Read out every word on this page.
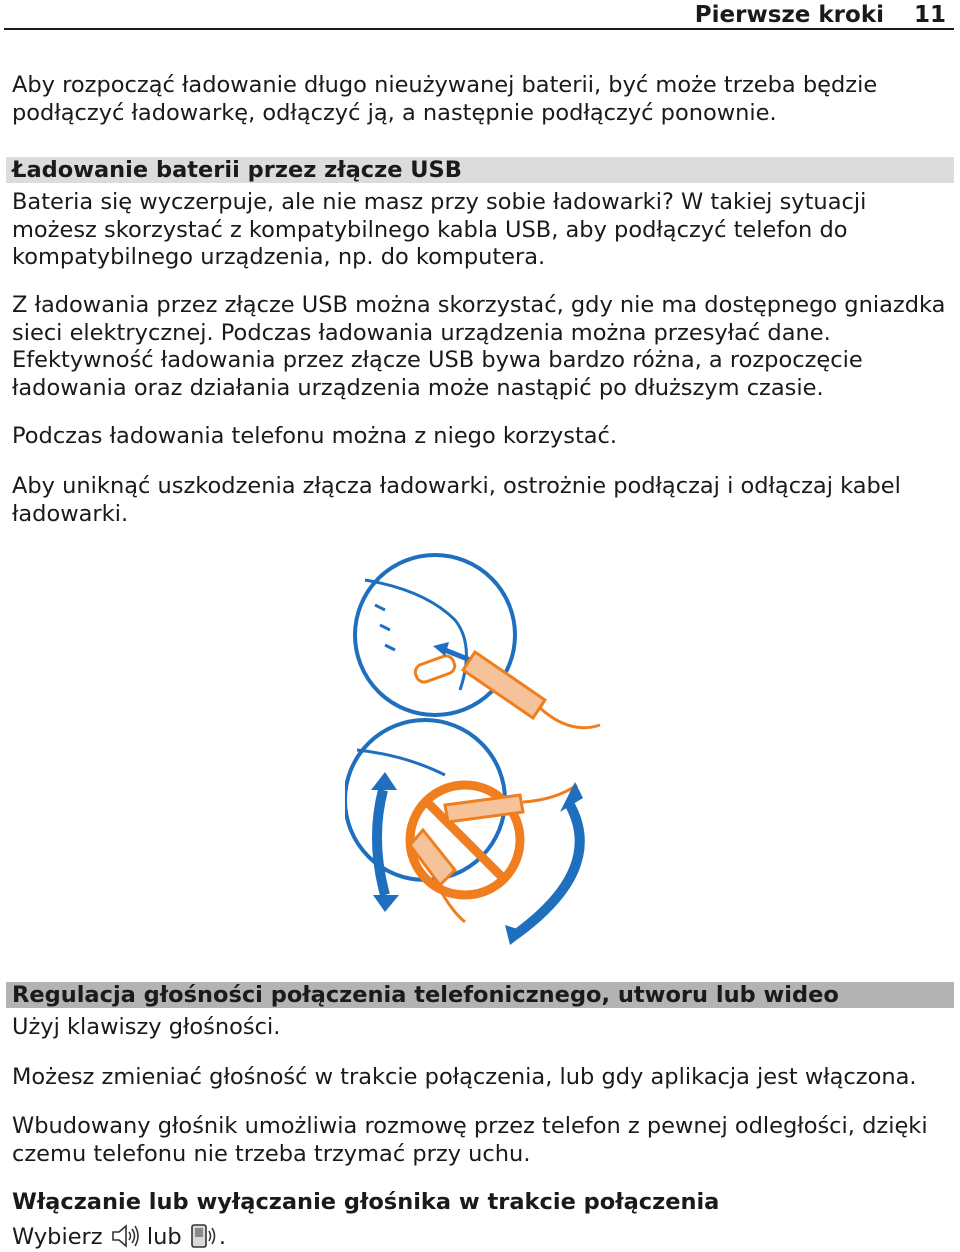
Pierwsze kroki 11

Aby rozpocząć ładowanie długo nieużywanej baterii, być może trzeba będzie podłączyć ładowarkę, odłączyć ją, a następnie podłączyć ponownie.

Ładowanie baterii przez złącze USB

Bateria się wyczerpuje, ale nie masz przy sobie ładowarki? W takiej sytuacji możesz skorzystać z kompatybilnego kabla USB, aby podłączyć telefon do kompatybilnego urządzenia, np. do komputera.

Z ładowania przez złącze USB można skorzystać, gdy nie ma dostępnego gniazdka sieci elektrycznej. Podczas ładowania urządzenia można przesyłać dane. Efektywność ładowania przez złącze USB bywa bardzo różna, a rozpoczęcie ładowania oraz działania urządzenia może nastąpić po dłuższym czasie.

Podczas ładowania telefonu można z niego korzystać.

Aby uniknąć uszkodzenia złącza ładowarki, ostrożnie podłączaj i odłączaj kabel ładowarki.

Regulacja głośności połączenia telefonicznego, utworu lub wideo

Użyj klawiszy głośności.

Możesz zmieniać głośność w trakcie połączenia, lub gdy aplikacja jest włączona.

Wbudowany głośnik umożliwia rozmowę przez telefon z pewnej odległości, dzięki czemu telefonu nie trzeba trzymać przy uchu.

Włączanie lub wyłączanie głośnika w trakcie połączenia

Wybierz lub .
